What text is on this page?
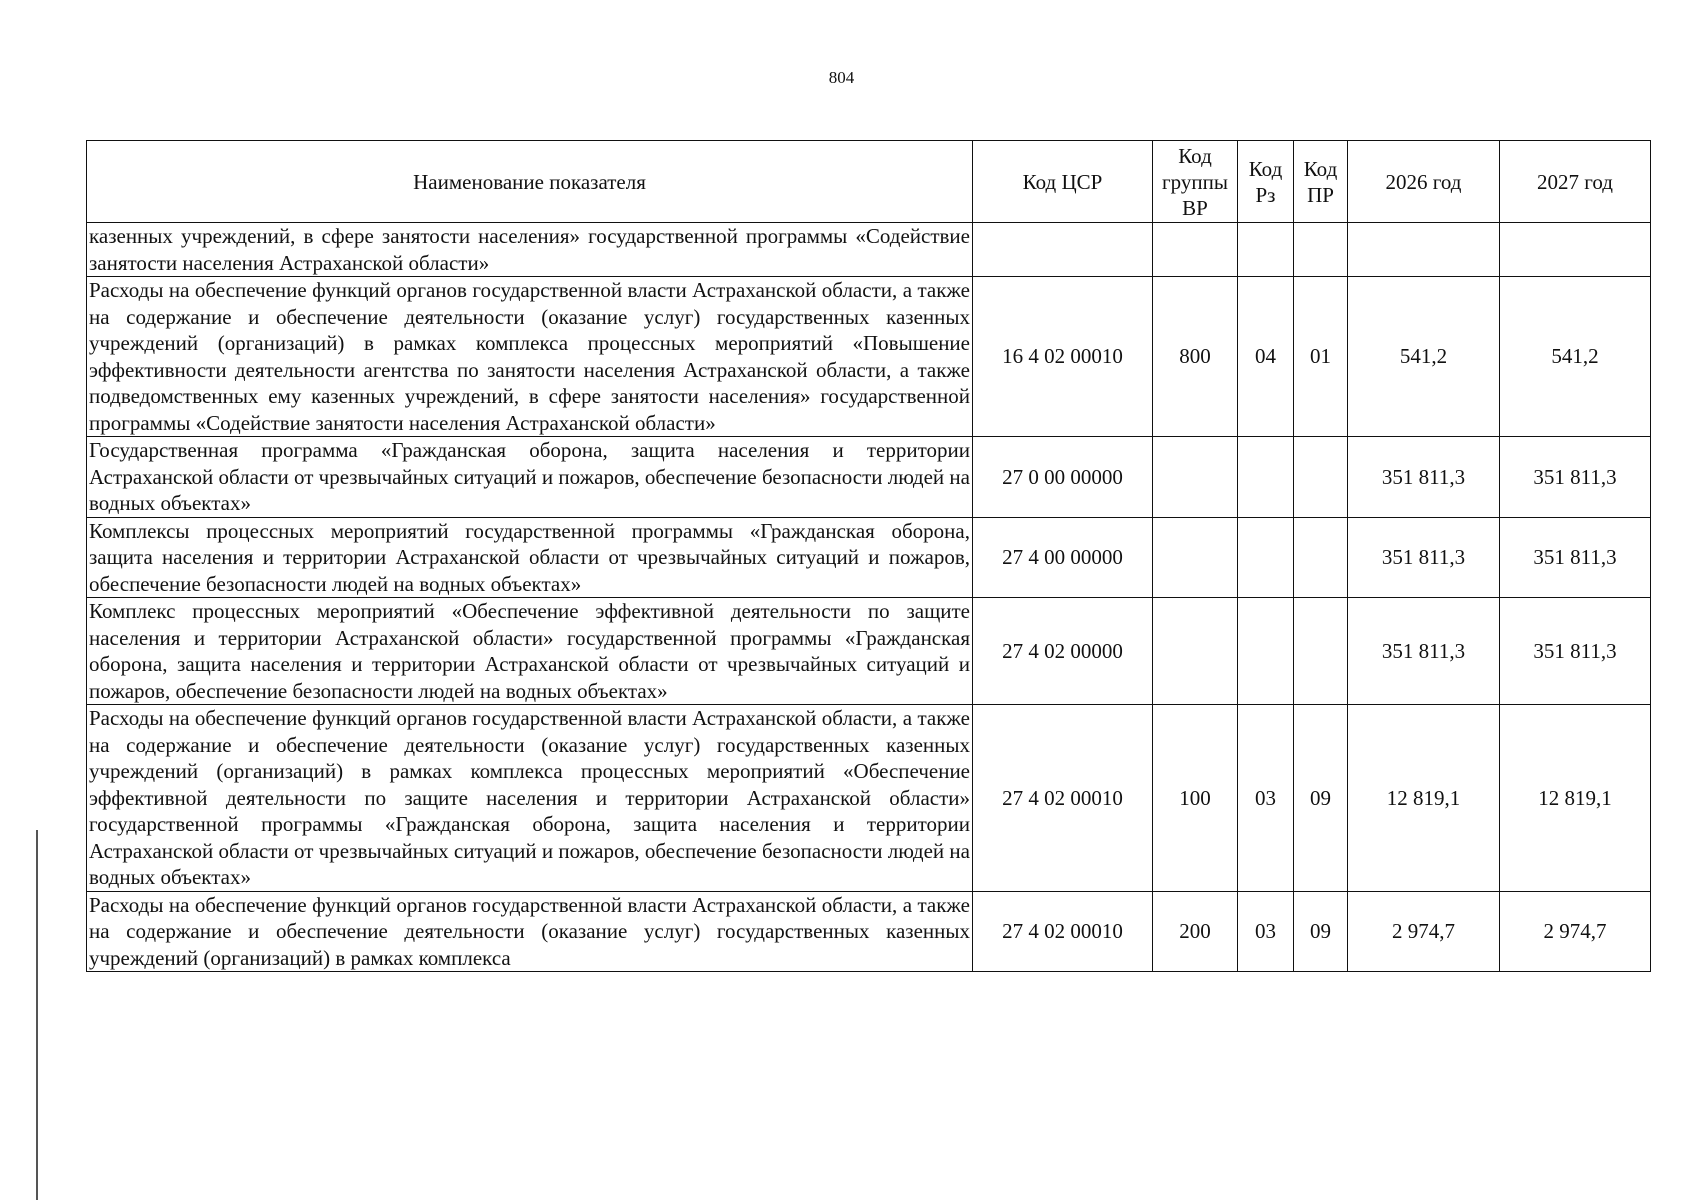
804
Наименование показателя	Код ЦСР	Код группы ВР	Код Рз	Код ПР	2026 год	2027 год
казенных учреждений, в сфере занятости населения» государственной программы «Содействие занятости населения Астраханской области»						
Расходы на обеспечение функций органов государственной власти Астраханской области, а также на содержание и обеспечение деятельности (оказание услуг) государственных казенных учреждений (организаций) в рамках комплекса процессных мероприятий «Повышение эффективности деятельности агентства по занятости населения Астраханской области, а также подведомственных ему казенных учреждений, в сфере занятости населения» государственной программы «Содействие занятости населения Астраханской области»	16 4 02 00010	800	04	01	541,2	541,2
Государственная программа «Гражданская оборона, защита населения и территории Астраханской области от чрезвычайных ситуаций и пожаров, обеспечение безопасности людей на водных объектах»	27 0 00 00000				351 811,3	351 811,3
Комплексы процессных мероприятий государственной программы «Гражданская оборона, защита населения и территории Астраханской области от чрезвычайных ситуаций и пожаров, обеспечение безопасности людей на водных объектах»	27 4 00 00000				351 811,3	351 811,3
Комплекс процессных мероприятий «Обеспечение эффективной деятельности по защите населения и территории Астраханской области» государственной программы «Гражданская оборона, защита населения и территории Астраханской области от чрезвычайных ситуаций и пожаров, обеспечение безопасности людей на водных объектах»	27 4 02 00000				351 811,3	351 811,3
Расходы на обеспечение функций органов государственной власти Астраханской области, а также на содержание и обеспечение деятельности (оказание услуг) государственных казенных учреждений (организаций) в рамках комплекса процессных мероприятий «Обеспечение эффективной деятельности по защите населения и территории Астраханской области» государственной программы «Гражданская оборона, защита населения и территории Астраханской области от чрезвычайных ситуаций и пожаров, обеспечение безопасности людей на водных объектах»	27 4 02 00010	100	03	09	12 819,1	12 819,1
Расходы на обеспечение функций органов государственной власти Астраханской области, а также на содержание и обеспечение деятельности (оказание услуг) государственных казенных учреждений (организаций) в рамках комплекса	27 4 02 00010	200	03	09	2 974,7	2 974,7
